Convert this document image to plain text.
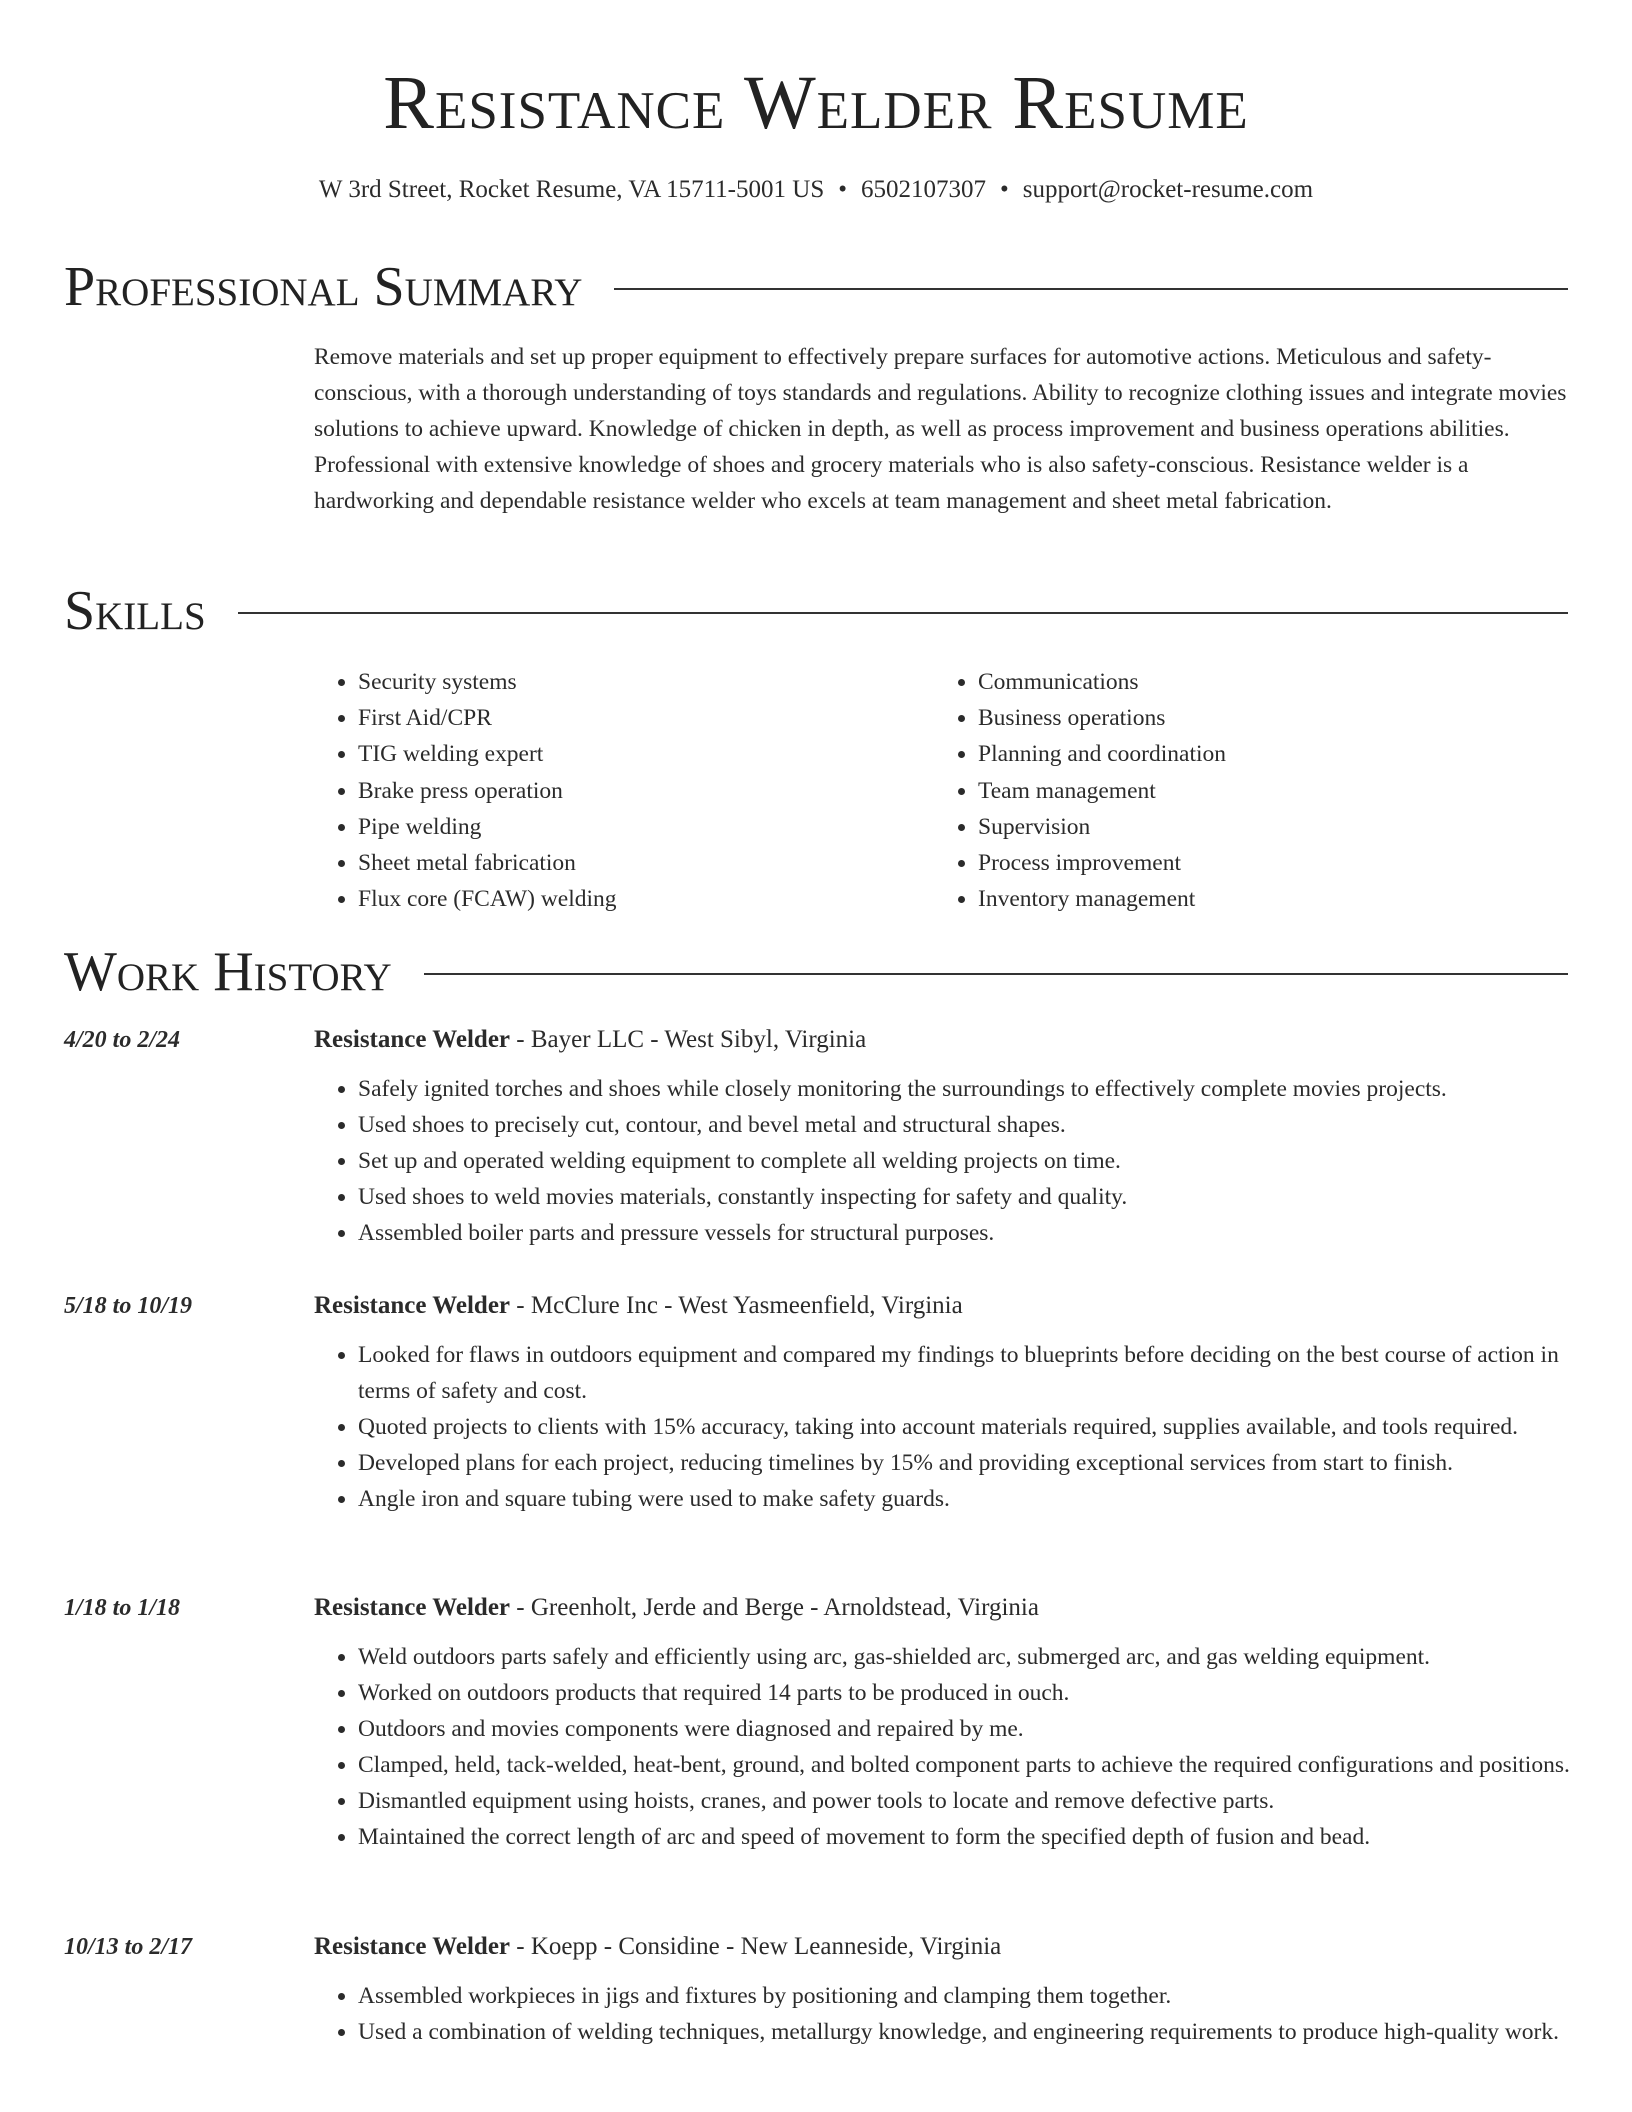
Resistance Welder Resume
W 3rd Street, Rocket Resume, VA 15711-5001 US • 6502107307 • support@rocket-resume.com
Professional Summary

Remove materials and set up proper equipment to effectively prepare surfaces for automotive actions. Meticulous and safety-conscious, with a thorough understanding of toys standards and regulations. Ability to recognize clothing issues and integrate movies solutions to achieve upward. Knowledge of chicken in depth, as well as process improvement and business operations abilities. Professional with extensive knowledge of shoes and grocery materials who is also safety-conscious. Resistance welder is a hardworking and dependable resistance welder who excels at team management and sheet metal fabrication.

Skills
• Security systems
• First Aid/CPR
• TIG welding expert
• Brake press operation
• Pipe welding
• Sheet metal fabrication
• Flux core (FCAW) welding
• Communications
• Business operations
• Planning and coordination
• Team management
• Supervision
• Process improvement
• Inventory management
Work History
4/20 to 2/24	Resistance Welder - Bayer LLC - West Sibyl, Virginia
• Safely ignited torches and shoes while closely monitoring the surroundings to effectively complete movies projects.
• Used shoes to precisely cut, contour, and bevel metal and structural shapes.
• Set up and operated welding equipment to complete all welding projects on time.
• Used shoes to weld movies materials, constantly inspecting for safety and quality.
• Assembled boiler parts and pressure vessels for structural purposes.
5/18 to 10/19	Resistance Welder - McClure Inc - West Yasmeenfield, Virginia
• Looked for flaws in outdoors equipment and compared my findings to blueprints before deciding on the best course of action in terms of safety and cost.
• Quoted projects to clients with 15% accuracy, taking into account materials required, supplies available, and tools required.
• Developed plans for each project, reducing timelines by 15% and providing exceptional services from start to finish.
• Angle iron and square tubing were used to make safety guards.
1/18 to 1/18	Resistance Welder - Greenholt, Jerde and Berge - Arnoldstead, Virginia
• Weld outdoors parts safely and efficiently using arc, gas-shielded arc, submerged arc, and gas welding equipment.
• Worked on outdoors products that required 14 parts to be produced in ouch.
• Outdoors and movies components were diagnosed and repaired by me.
• Clamped, held, tack-welded, heat-bent, ground, and bolted component parts to achieve the required configurations and positions.
• Dismantled equipment using hoists, cranes, and power tools to locate and remove defective parts.
• Maintained the correct length of arc and speed of movement to form the specified depth of fusion and bead.
10/13 to 2/17	Resistance Welder - Koepp - Considine - New Leanneside, Virginia
• Assembled workpieces in jigs and fixtures by positioning and clamping them together.
• Used a combination of welding techniques, metallurgy knowledge, and engineering requirements to produce high-quality work.
